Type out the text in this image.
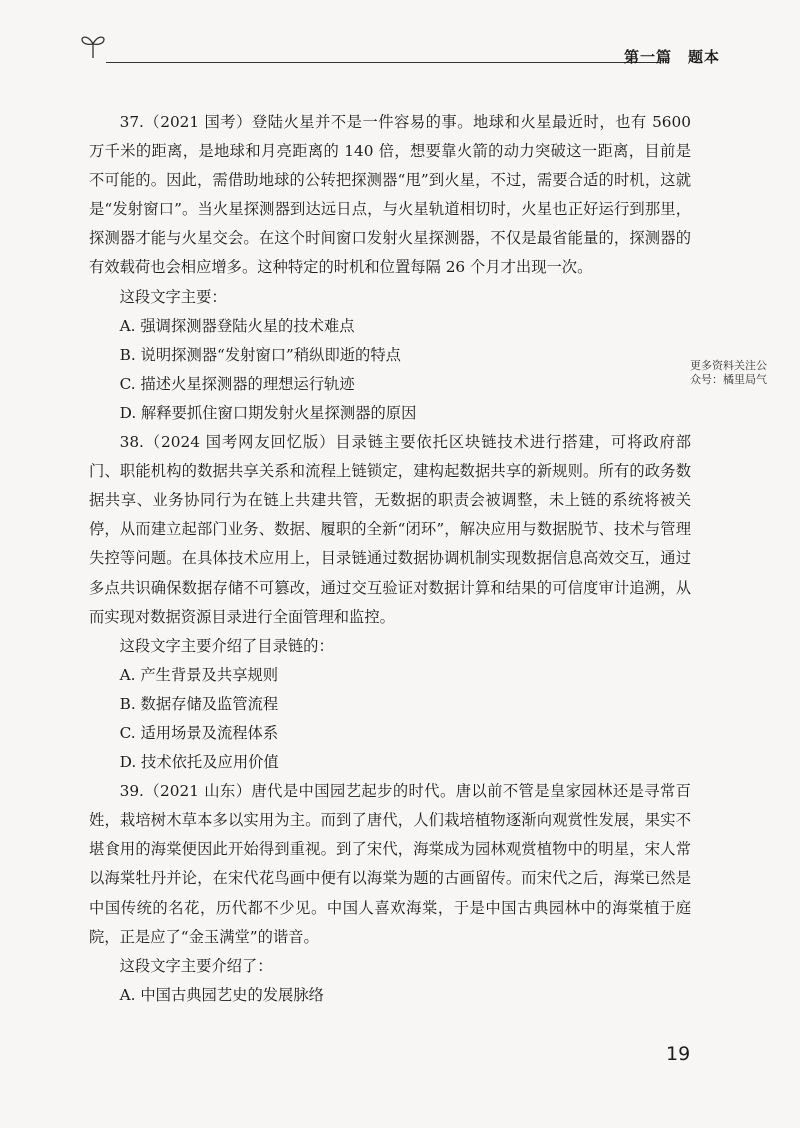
第一篇　题本

37.（2021 国考）登陆火星并不是一件容易的事。地球和火星最近时，也有 5600 万千米的距离，是地球和月亮距离的 140 倍，想要靠火箭的动力突破这一距离，目前是不可能的。因此，需借助地球的公转把探测器“甩”到火星，不过，需要合适的时机，这就是“发射窗口”。当火星探测器到达远日点，与火星轨道相切时，火星也正好运行到那里，探测器才能与火星交会。在这个时间窗口发射火星探测器，不仅是最省能量的，探测器的有效载荷也会相应增多。这种特定的时机和位置每隔 26 个月才出现一次。

这段文字主要：

A. 强调探测器登陆火星的技术难点

B. 说明探测器“发射窗口”稍纵即逝的特点

C. 描述火星探测器的理想运行轨迹

D. 解释要抓住窗口期发射火星探测器的原因

38.（2024 国考网友回忆版）目录链主要依托区块链技术进行搭建，可将政府部门、职能机构的数据共享关系和流程上链锁定，建构起数据共享的新规则。所有的政务数据共享、业务协同行为在链上共建共管，无数据的职责会被调整，未上链的系统将被关停，从而建立起部门业务、数据、履职的全新“闭环”，解决应用与数据脱节、技术与管理失控等问题。在具体技术应用上，目录链通过数据协调机制实现数据信息高效交互，通过多点共识确保数据存储不可篡改，通过交互验证对数据计算和结果的可信度审计追溯，从而实现对数据资源目录进行全面管理和监控。

这段文字主要介绍了目录链的：

A. 产生背景及共享规则

B. 数据存储及监管流程

C. 适用场景及流程体系

D. 技术依托及应用价值

39.（2021 山东）唐代是中国园艺起步的时代。唐以前不管是皇家园林还是寻常百姓，栽培树木草本多以实用为主。而到了唐代，人们栽培植物逐渐向观赏性发展，果实不堪食用的海棠便因此开始得到重视。到了宋代，海棠成为园林观赏植物中的明星，宋人常以海棠牡丹并论，在宋代花鸟画中便有以海棠为题的古画留传。而宋代之后，海棠已然是中国传统的名花，历代都不少见。中国人喜欢海棠，于是中国古典园林中的海棠植于庭院，正是应了“金玉满堂”的谐音。

这段文字主要介绍了：

A. 中国古典园艺史的发展脉络

更多资料关注公众号：橘里局气
19
